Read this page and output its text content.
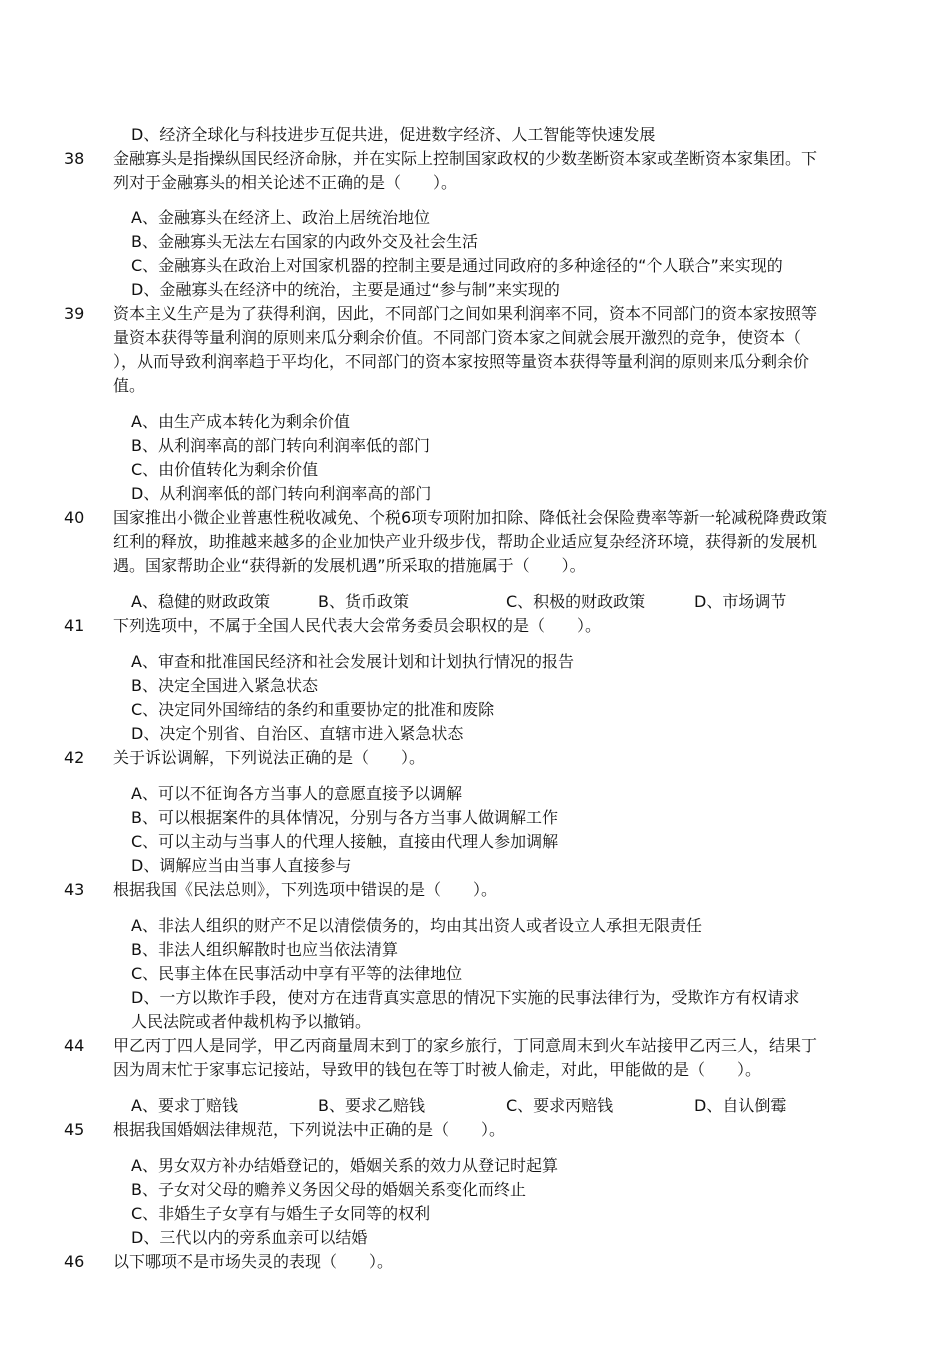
D、经济全球化与科技进步互促共进，促进数字经济、人工智能等快速发展
38 金融寡头是指操纵国民经济命脉，并在实际上控制国家政权的少数垄断资本家或垄断资本家集团。下
列对于金融寡头的相关论述不正确的是（　　）。
A、金融寡头在经济上、政治上居统治地位
B、金融寡头无法左右国家的内政外交及社会生活
C、金融寡头在政治上对国家机器的控制主要是通过同政府的多种途径的“个人联合”来实现的
D、金融寡头在经济中的统治，主要是通过“参与制”来实现的
39 资本主义生产是为了获得利润，因此，不同部门之间如果利润率不同，资本不同部门的资本家按照等
量资本获得等量利润的原则来瓜分剩余价值。不同部门资本家之间就会展开激烈的竞争，使资本（
），从而导致利润率趋于平均化，不同部门的资本家按照等量资本获得等量利润的原则来瓜分剩余价
值。
A、由生产成本转化为剩余价值
B、从利润率高的部门转向利润率低的部门
C、由价值转化为剩余价值
D、从利润率低的部门转向利润率高的部门
40 国家推出小微企业普惠性税收减免、个税6项专项附加扣除、降低社会保险费率等新一轮减税降费政策
红利的释放，助推越来越多的企业加快产业升级步伐，帮助企业适应复杂经济环境，获得新的发展机
遇。国家帮助企业“获得新的发展机遇”所采取的措施属于（　　）。
A、稳健的财政政策	B、货币政策	C、积极的财政政策	D、市场调节
41 下列选项中，不属于全国人民代表大会常务委员会职权的是（　　）。
A、审查和批准国民经济和社会发展计划和计划执行情况的报告
B、决定全国进入紧急状态
C、决定同外国缔结的条约和重要协定的批准和废除
D、决定个别省、自治区、直辖市进入紧急状态
42 关于诉讼调解，下列说法正确的是（　　）。
A、可以不征询各方当事人的意愿直接予以调解
B、可以根据案件的具体情况，分别与各方当事人做调解工作
C、可以主动与当事人的代理人接触，直接由代理人参加调解
D、调解应当由当事人直接参与
43 根据我国《民法总则》，下列选项中错误的是（　　）。
A、非法人组织的财产不足以清偿债务的，均由其出资人或者设立人承担无限责任
B、非法人组织解散时也应当依法清算
C、民事主体在民事活动中享有平等的法律地位
D、一方以欺诈手段，使对方在违背真实意思的情况下实施的民事法律行为，受欺诈方有权请求
人民法院或者仲裁机构予以撤销。
44 甲乙丙丁四人是同学，甲乙丙商量周末到丁的家乡旅行，丁同意周末到火车站接甲乙丙三人，结果丁
因为周末忙于家事忘记接站，导致甲的钱包在等丁时被人偷走，对此，甲能做的是（　　）。
A、要求丁赔钱	B、要求乙赔钱	C、要求丙赔钱	D、自认倒霉
45 根据我国婚姻法律规范，下列说法中正确的是（　　）。
A、男女双方补办结婚登记的，婚姻关系的效力从登记时起算
B、子女对父母的赡养义务因父母的婚姻关系变化而终止
C、非婚生子女享有与婚生子女同等的权利
D、三代以内的旁系血亲可以结婚
46 以下哪项不是市场失灵的表现（　　）。
